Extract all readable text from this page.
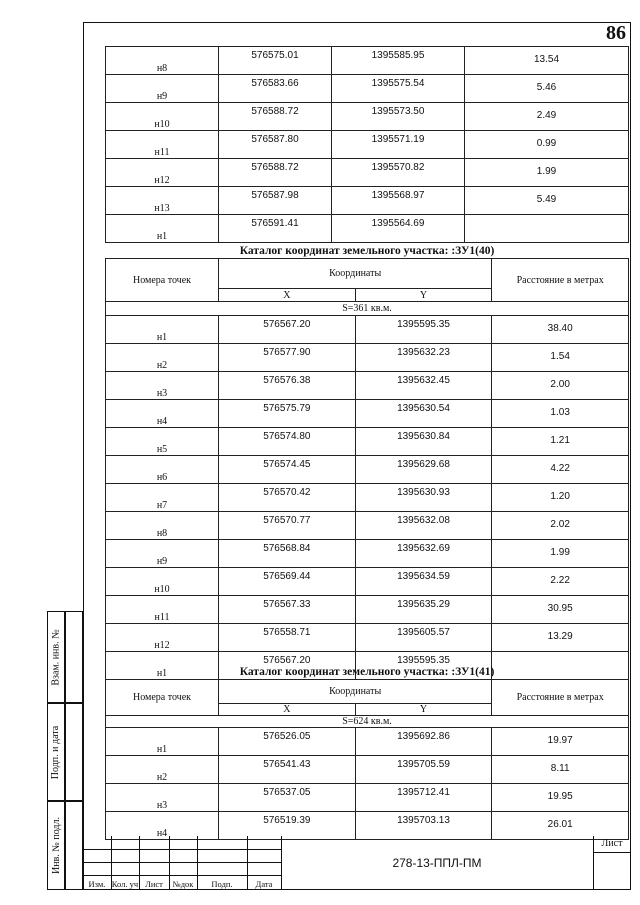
86
н8	576575.01	1395585.95	13.54
н9	576583.66	1395575.54	5.46
н10	576588.72	1395573.50	2.49
н11	576587.80	1395571.19	0.99
н12	576588.72	1395570.82	1.99
н13	576587.98	1395568.97	5.49
н1	576591.41	1395564.69	
Каталог координат земельного участка: :ЗУ1(40)
Номера точек	Координаты		Расстояние в метрах
	X	Y	
S=361 кв.м.			
н1	576567.20	1395595.35	38.40
н2	576577.90	1395632.23	1.54
н3	576576.38	1395632.45	2.00
н4	576575.79	1395630.54	1.03
н5	576574.80	1395630.84	1.21
н6	576574.45	1395629.68	4.22
н7	576570.42	1395630.93	1.20
н8	576570.77	1395632.08	2.02
н9	576568.84	1395632.69	1.99
н10	576569.44	1395634.59	2.22
н11	576567.33	1395635.29	30.95
н12	576558.71	1395605.57	13.29
н1	576567.20	1395595.35	
Каталог координат земельного участка: :ЗУ1(41)
Номера точек	Координаты		Расстояние в метрах
	X	Y	
S=624 кв.м.			
н1	576526.05	1395692.86	19.97
н2	576541.43	1395705.59	8.11
н3	576537.05	1395712.41	19.95
н4	576519.39	1395703.13	26.01
Взам. инв. №
Подп. и дата
Инв. № подл.
Изм. Кол. уч Лист	№док	Подп.	Дата
278-13-ППЛ-ПМ
Лист
